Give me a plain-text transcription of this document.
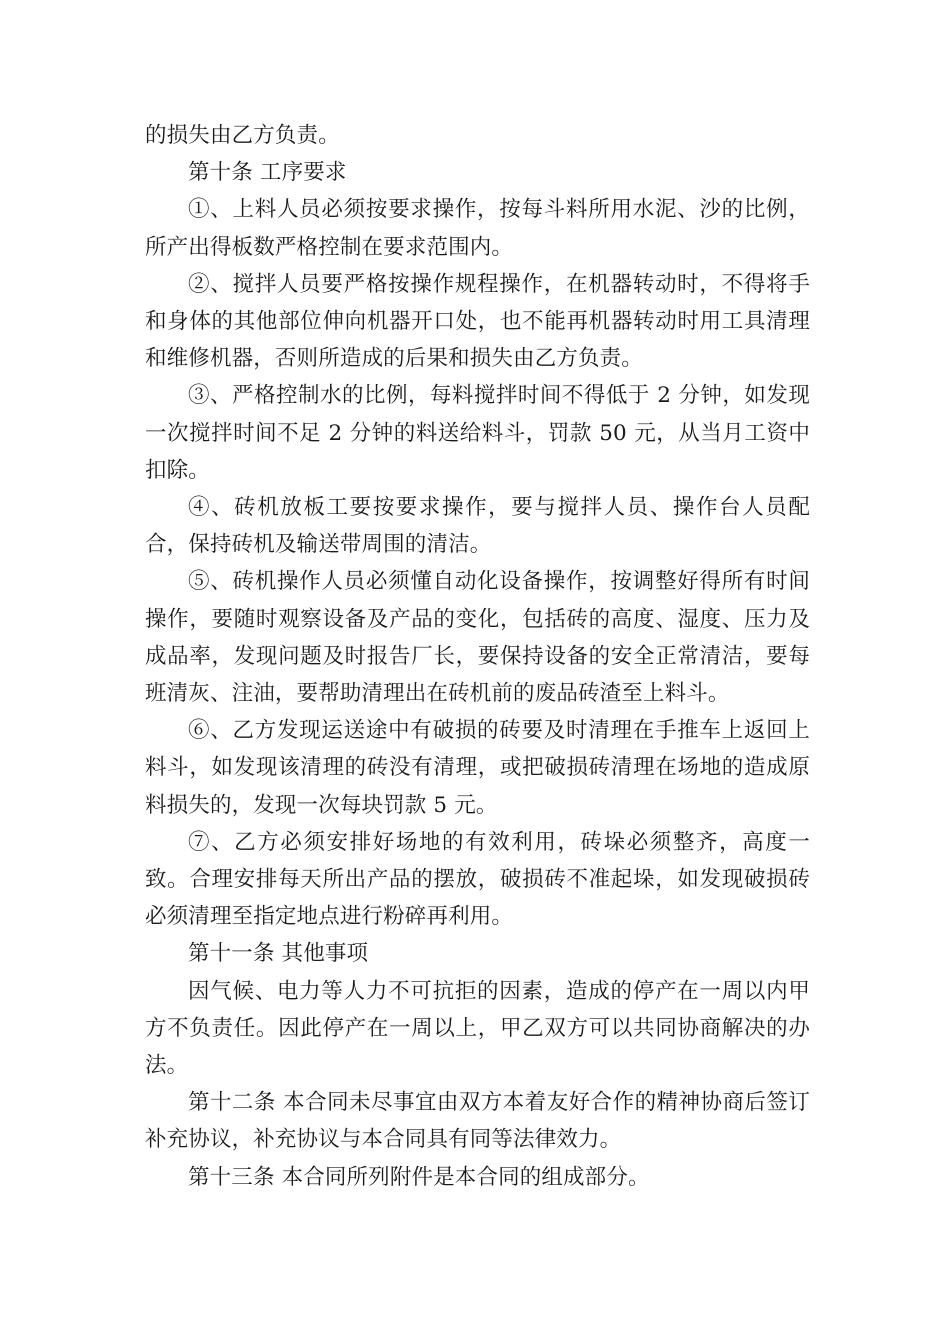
的损失由乙方负责。

第十条 工序要求

①、上料人员必须按要求操作，按每斗料所用水泥、沙的比例，所产出得板数严格控制在要求范围内。

②、搅拌人员要严格按操作规程操作，在机器转动时，不得将手和身体的其他部位伸向机器开口处，也不能再机器转动时用工具清理和维修机器，否则所造成的后果和损失由乙方负责。

③、严格控制水的比例，每料搅拌时间不得低于 2 分钟，如发现一次搅拌时间不足 2 分钟的料送给料斗，罚款 50 元，从当月工资中扣除。

④、砖机放板工要按要求操作，要与搅拌人员、操作台人员配合，保持砖机及输送带周围的清洁。

⑤、砖机操作人员必须懂自动化设备操作，按调整好得所有时间操作，要随时观察设备及产品的变化，包括砖的高度、湿度、压力及成品率，发现问题及时报告厂长，要保持设备的安全正常清洁，要每班清灰、注油，要帮助清理出在砖机前的废品砖渣至上料斗。

⑥、乙方发现运送途中有破损的砖要及时清理在手推车上返回上料斗，如发现该清理的砖没有清理，或把破损砖清理在场地的造成原料损失的，发现一次每块罚款 5 元。

⑦、乙方必须安排好场地的有效利用，砖垛必须整齐，高度一致。合理安排每天所出产品的摆放，破损砖不准起垛，如发现破损砖必须清理至指定地点进行粉碎再利用。

第十一条 其他事项

因气候、电力等人力不可抗拒的因素，造成的停产在一周以内甲方不负责任。因此停产在一周以上，甲乙双方可以共同协商解决的办法。

第十二条 本合同未尽事宜由双方本着友好合作的精神协商后签订补充协议，补充协议与本合同具有同等法律效力。

第十三条 本合同所列附件是本合同的组成部分。
